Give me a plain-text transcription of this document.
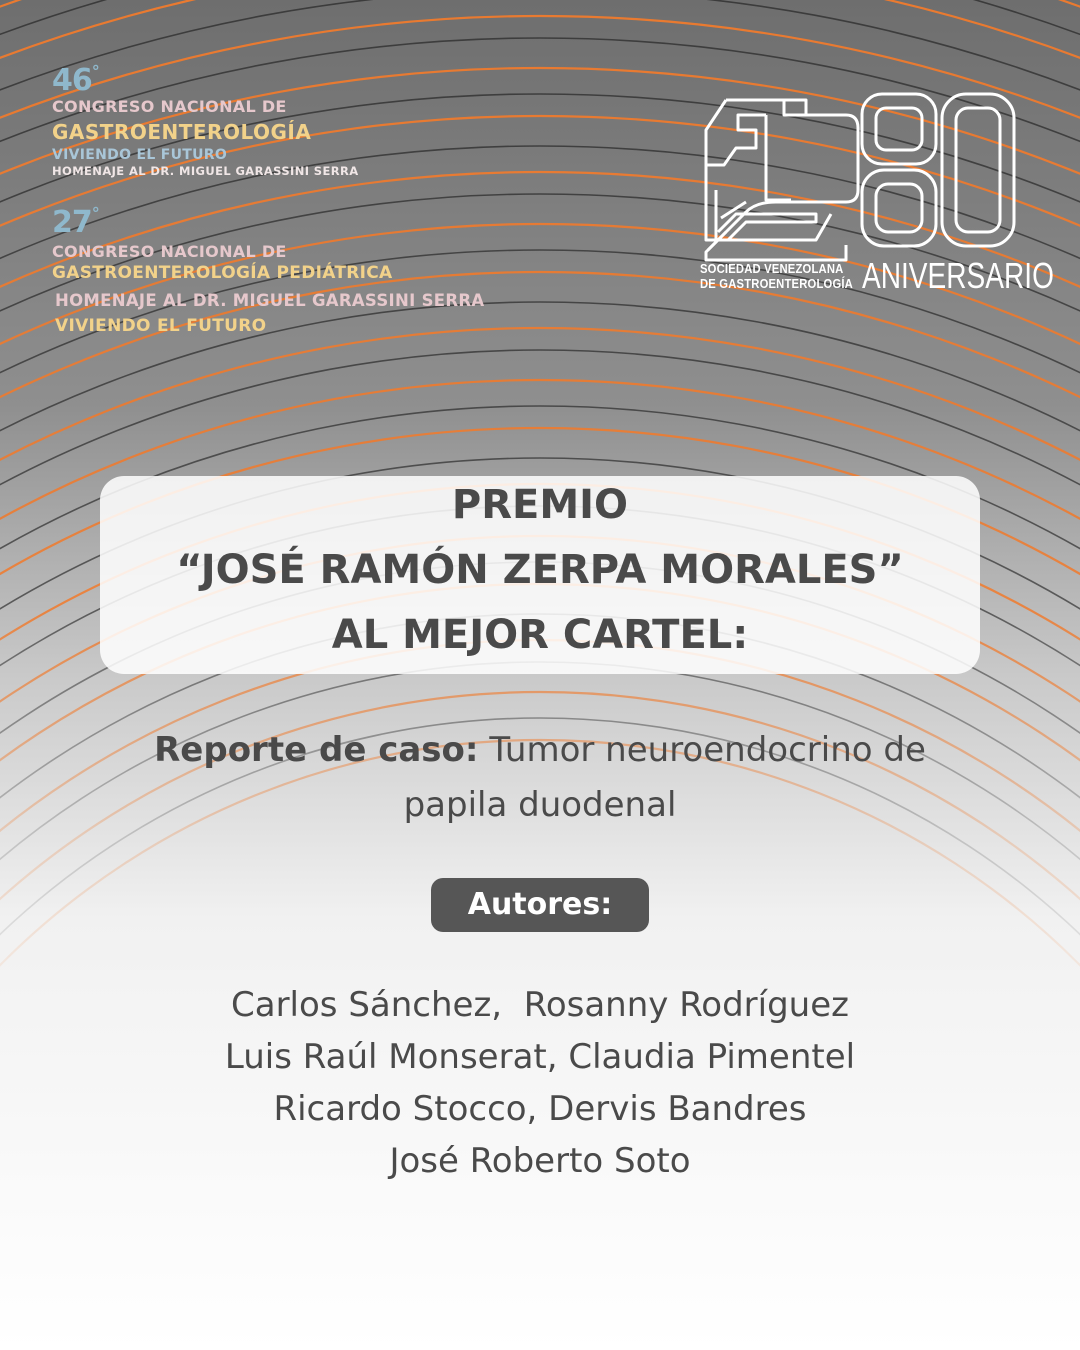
46°
CONGRESO NACIONAL DE
GASTROENTEROLOGÍA
VIVIENDO EL FUTURO
HOMENAJE AL DR. MIGUEL GARASSINI SERRA
27°
CONGRESO NACIONAL DE
GASTROENTEROLOGÍA PEDIÁTRICA
HOMENAJE AL DR. MIGUEL GARASSINI SERRA
VIVIENDO EL FUTURO
SOCIEDAD VENEZOLANA
DE GASTROENTEROLOGÍA ANIVERSARIO
PREMIO
“JOSÉ RAMÓN ZERPA MORALES”
AL MEJOR CARTEL:
Reporte de caso: Tumor neuroendocrino de
papila duodenal
Autores:
Carlos Sánchez,  Rosanny Rodríguez
Luis Raúl Monserat, Claudia Pimentel
Ricardo Stocco, Dervis Bandres
José Roberto Soto
